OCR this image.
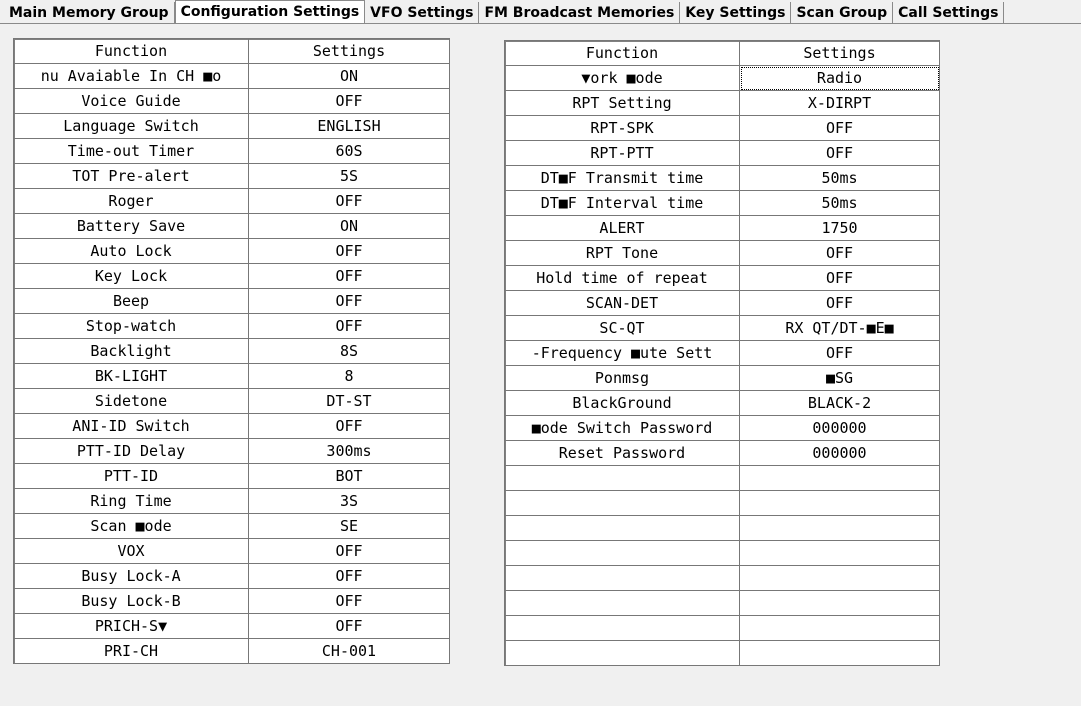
Main Memory Group Configuration Settings VFO Settings FM Broadcast Memories Key Settings Scan Group Call Settings
Function	Settings
nu Avaiable In CH ■o	ON
Voice Guide	OFF
Language Switch	ENGLISH
Time-out Timer	60S
TOT Pre-alert	5S
Roger	OFF
Battery Save	ON
Auto Lock	OFF
Key Lock	OFF
Beep	OFF
Stop-watch	OFF
Backlight	8S
BK-LIGHT	8
Sidetone	DT-ST
ANI-ID Switch	OFF
PTT-ID Delay	300ms
PTT-ID	BOT
Ring Time	3S
Scan ■ode	SE
VOX	OFF
Busy Lock-A	OFF
Busy Lock-B	OFF
PRICH-S▼	OFF
PRI-CH	CH-001
Function	Settings
▼ork ■ode	Radio
RPT Setting	X-DIRPT
RPT-SPK	OFF
RPT-PTT	OFF
DT■F Transmit time	50ms
DT■F Interval time	50ms
ALERT	1750
RPT Tone	OFF
Hold time of repeat	OFF
SCAN-DET	OFF
SC-QT	RX QT/DT-■E■
-Frequency ■ute Sett	OFF
Ponmsg	■SG
BlackGround	BLACK-2
■ode Switch Password	000000
Reset Password	000000
